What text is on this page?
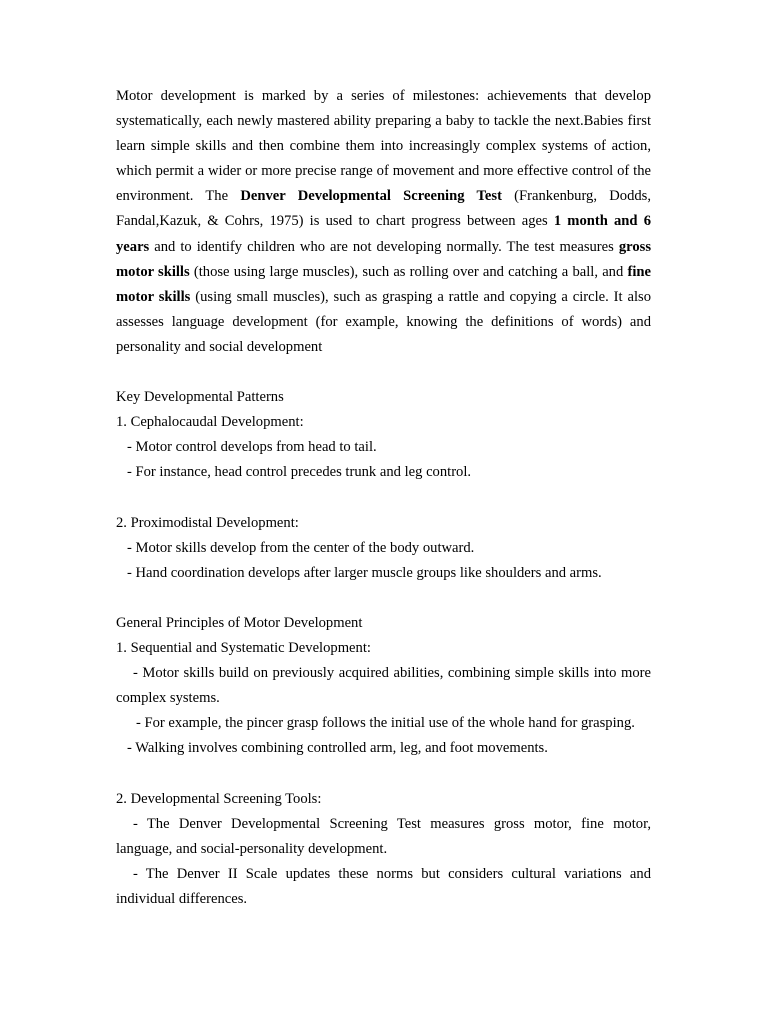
Motor development is marked by a series of milestones: achievements that develop systematically, each newly mastered ability preparing a baby to tackle the next.Babies first learn simple skills and then combine them into increasingly complex systems of action, which permit a wider or more precise range of movement and more effective control of the environment. The Denver Developmental Screening Test (Frankenburg, Dodds, Fandal,Kazuk, & Cohrs, 1975) is used to chart progress between ages 1 month and 6 years and to identify children who are not developing normally. The test measures gross motor skills (those using large muscles), such as rolling over and catching a ball, and fine motor skills (using small muscles), such as grasping a rattle and copying a circle. It also assesses language development (for example, knowing the definitions of words) and personality and social development

Key Developmental Patterns

1. Cephalocaudal Development:

- Motor control develops from head to tail.

- For instance, head control precedes trunk and leg control.

2. Proximodistal Development:

- Motor skills develop from the center of the body outward.

- Hand coordination develops after larger muscle groups like shoulders and arms.

General Principles of Motor Development

1. Sequential and Systematic Development:

- Motor skills build on previously acquired abilities, combining simple skills into more complex systems.

- For example, the pincer grasp follows the initial use of the whole hand for grasping.

- Walking involves combining controlled arm, leg, and foot movements.

2. Developmental Screening Tools:

- The Denver Developmental Screening Test measures gross motor, fine motor, language, and social-personality development.

- The Denver II Scale updates these norms but considers cultural variations and individual differences.
